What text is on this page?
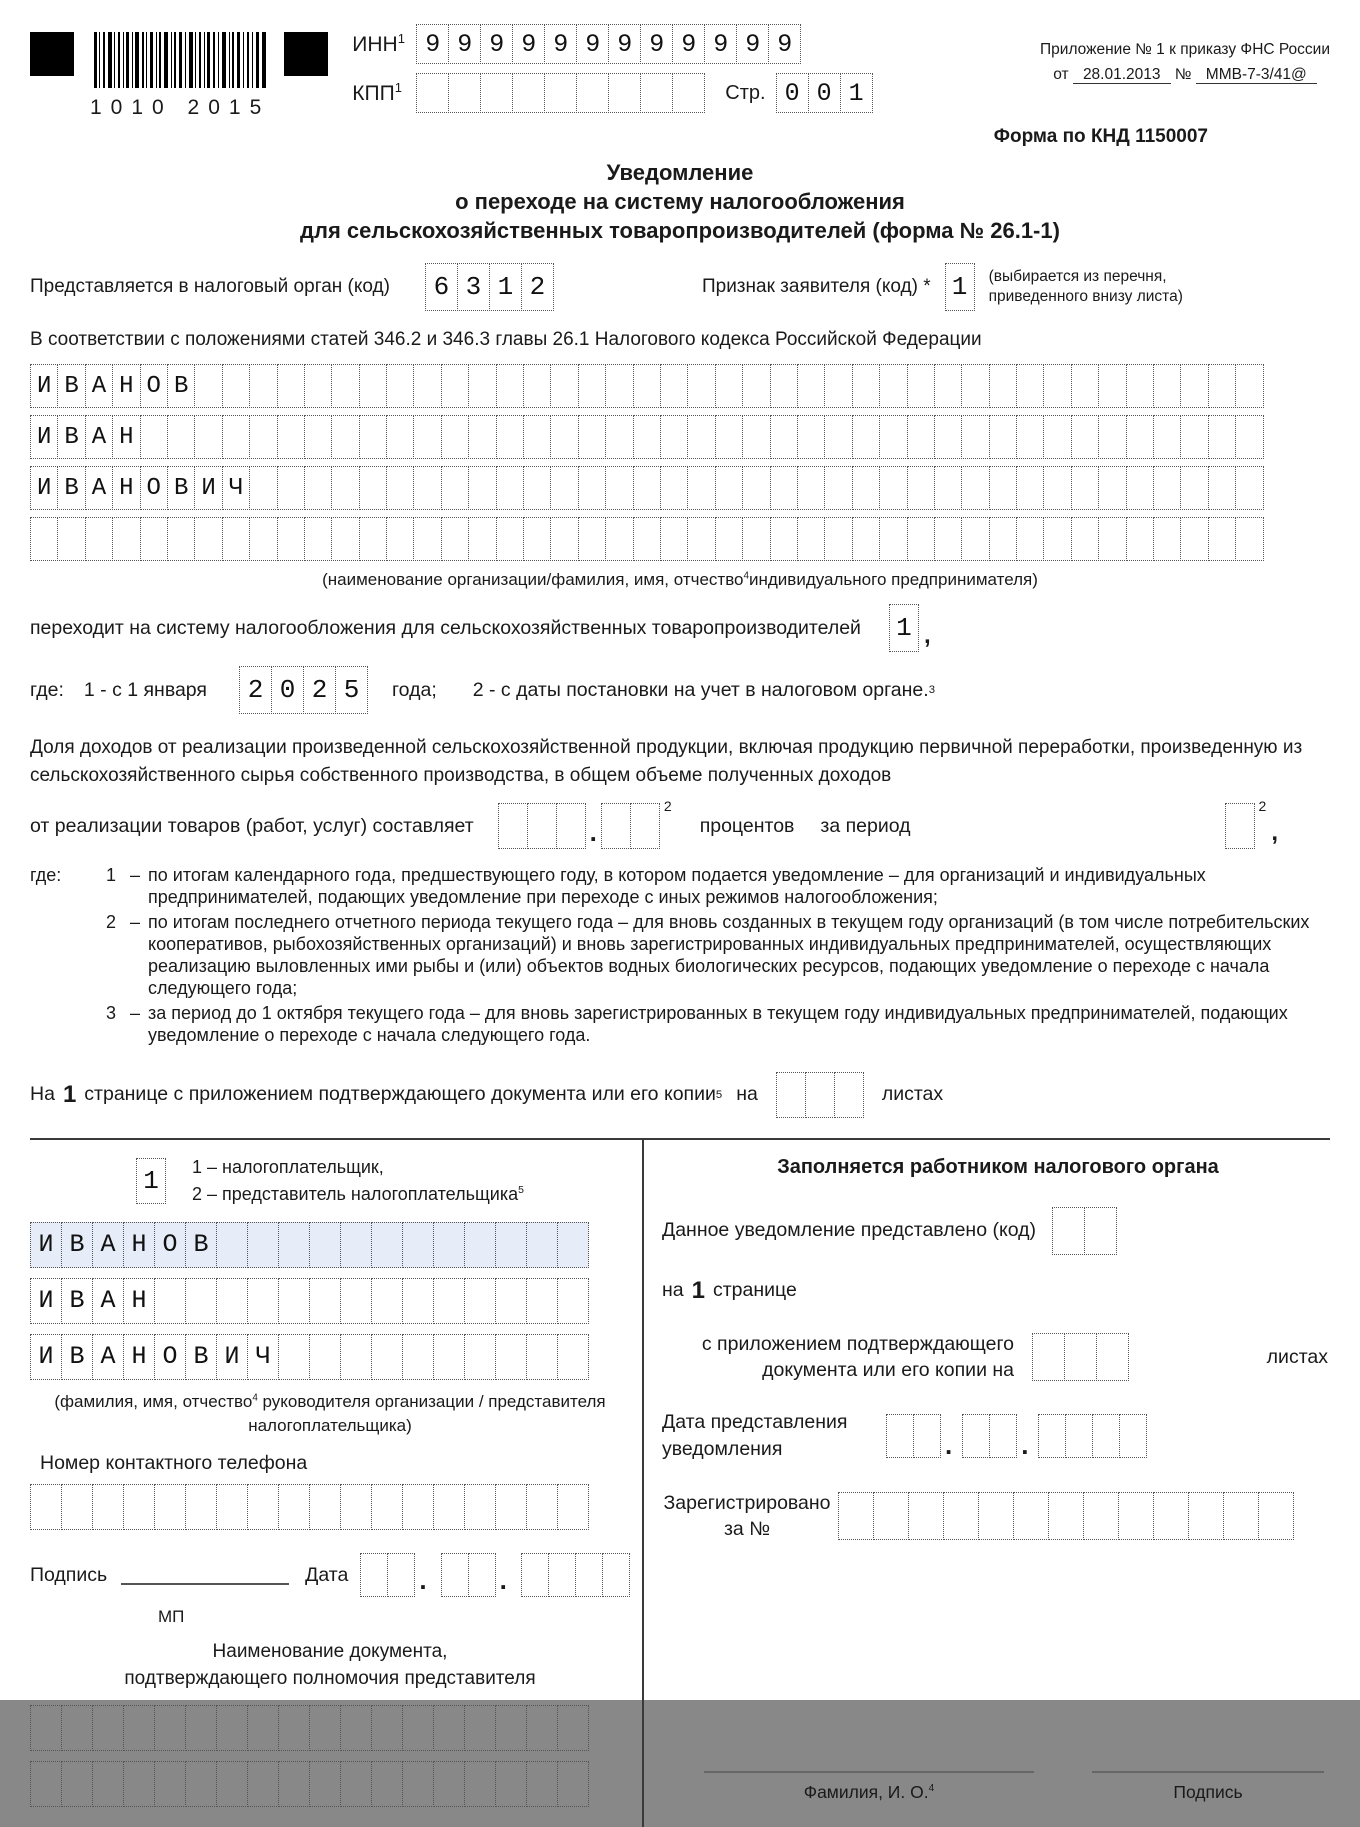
1010 2015
ИНН$^1$ 9 9 9 9 9 9 9 9 9 9 9 9
КПП$^1$	Стр. 0 0 1
Приложение № 1 к приказу ФНС России
от 28.01.2013 № ММВ-7-3/41@
Форма по КНД 1150007
Уведомление
о переходе на систему налогообложения
для сельскохозяйственных товаропроизводителей (форма № 26.1-1)
Представляется в налоговый орган (код)	6 3 1 2	Признак заявителя (код) * 1	(выбирается из перечня,
приведенного внизу листа)
В соответствии с положениями статей 346.2 и 346.3 главы 26.1 Налогового кодекса Российской Федерации
И В А Н О В
И В А Н
И В А Н О В И Ч
(наименование организации/фамилия, имя, отчество$^4$индивидуального предпринимателя)
переходит на систему налогообложения для сельскохозяйственных товаропроизводителей 1 ,
где: 1 - с 1 января	2 0 2 5	года; 2 - с даты постановки на учет в налоговом органе. 3
Доля доходов от реализации произведенной сельскохозяйственной продукции, включая продукцию первичной переработки, произведенную из сельскохозяйственного сырья собственного производства, в общем объеме полученных доходов
от реализации товаров (работ, услуг) составляет	.
$^2$
процентов за период
$^2$
,
где: 1 – по итогам календарного года, предшествующего году, в котором подается уведомление – для организаций и индивидуальных предпринимателей, подающих уведомление при переходе с иных режимов налогообложения;
2 – по итогам последнего отчетного периода текущего года – для вновь созданных в текущем году организаций (в том числе потребительских кооперативов, рыбохозяйственных организаций) и вновь зарегистрированных индивидуальных предпринимателей, осуществляющих реализацию выловленных ими рыбы и (или) объектов водных биологических ресурсов, подающих уведомление о переходе с начала следующего года;
3 – за период до 1 октября текущего года – для вновь зарегистрированных в текущем году индивидуальных предпринимателей, подающих уведомление о переходе с начала следующего года.
На 1 странице с приложением подтверждающего документа или его копии 5 на	листах
1	1 – налогоплательщик,
2 – представитель налогоплательщика$^5$
И В А Н О В
И В А Н
И В А Н О В И Ч
(фамилия, имя, отчество$^4$ руководителя организации / представителя
налогоплательщика)
Номер контактного телефона
Подпись	Дата	.	.
МП
Наименование документа,
подтверждающего полномочия представителя
Заполняется работником налогового органа
Данное уведомление представлено (код)
на 1 странице
с приложением подтверждающего
документа или его копии на
листах
Дата представления
уведомления	.	.
Зарегистрировано
за №
Фамилия, И. О.$^4$	Подпись
